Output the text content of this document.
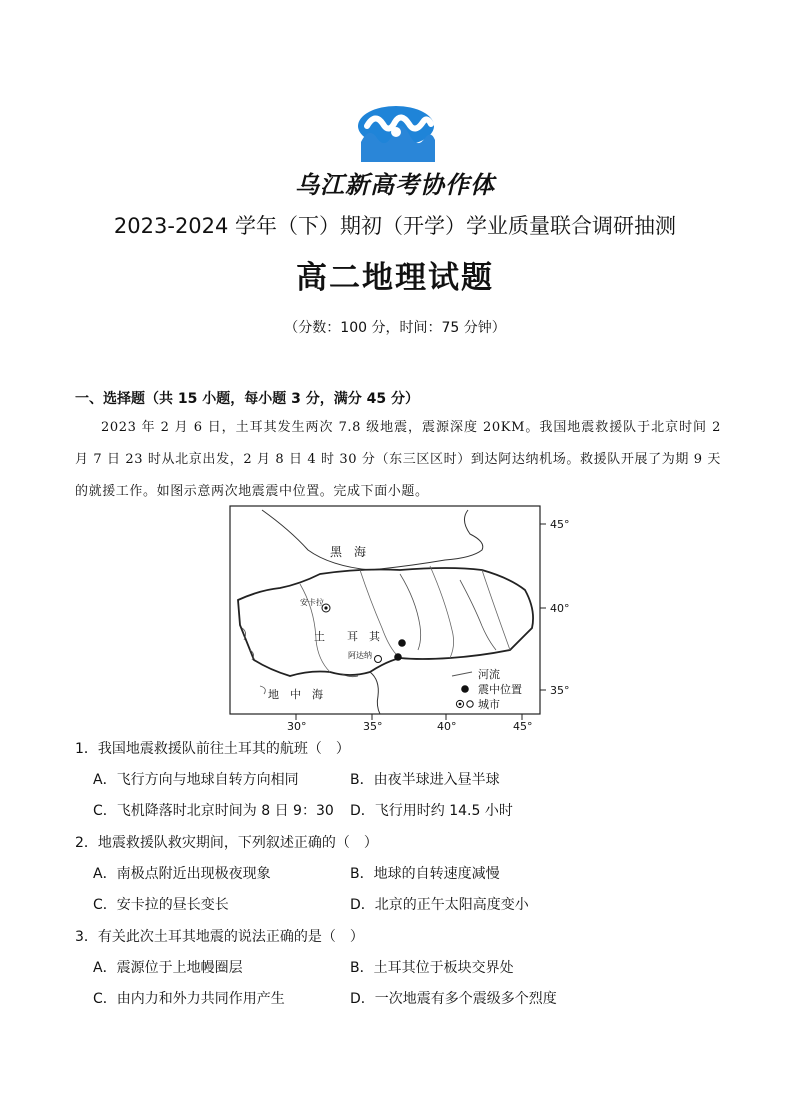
乌江新高考协作体
2023-2024 学年（下）期初（开学）学业质量联合调研抽测
高二地理试题
（分数：100 分，时间：75 分钟）
一、选择题（共 15 小题，每小题 3 分，满分 45 分）
2023 年 2 月 6 日，土耳其发生两次 7.8 级地震，震源深度 20KM。我国地震救援队于北京时间 2 月 7 日 23 时从北京出发，2 月 8 日 4 时 30 分（东三区区时）到达阿达纳机场。救援队开展了为期 9 天的就援工作。如图示意两次地震震中位置。完成下面小题。
黑　海
安卡拉
土　　耳　其
阿达纳
地　中　海
45°
40°
35°
30°	35°	40°	45°
河流
震中位置
城市
1．我国地震救援队前往土耳其的航班（　）
A．飞行方向与地球自转方向相同	B．由夜半球进入昼半球
C．飞机降落时北京时间为 8 日 9：30 D．飞行用时约 14.5 小时
2．地震救援队救灾期间，下列叙述正确的（　）
A．南极点附近出现极夜现象	B．地球的自转速度减慢
C．安卡拉的昼长变长	D．北京的正午太阳高度变小
3．有关此次土耳其地震的说法正确的是（　）
A．震源位于上地幔圈层	B．土耳其位于板块交界处
C．由内力和外力共同作用产生	D．一次地震有多个震级多个烈度
